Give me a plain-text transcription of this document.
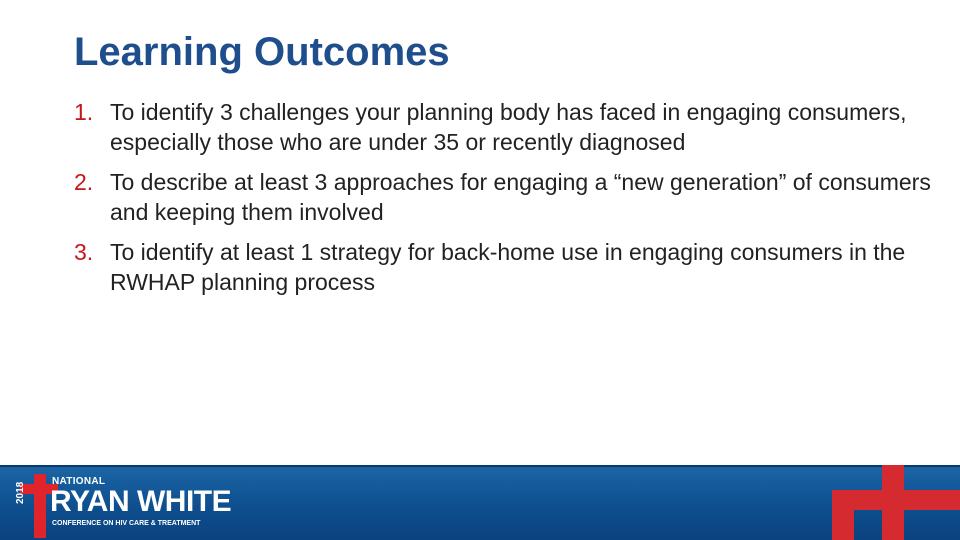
Learning Outcomes
1. To identify 3 challenges your planning body has faced in engaging consumers, especially those who are under 35 or recently diagnosed
2. To describe at least 3 approaches for engaging a “new generation” of consumers and keeping them involved
3. To identify at least 1 strategy for back-home use in engaging consumers in the RWHAP planning process
2018
NATIONAL
RYAN WHITE
CONFERENCE ON HIV CARE & TREATMENT
